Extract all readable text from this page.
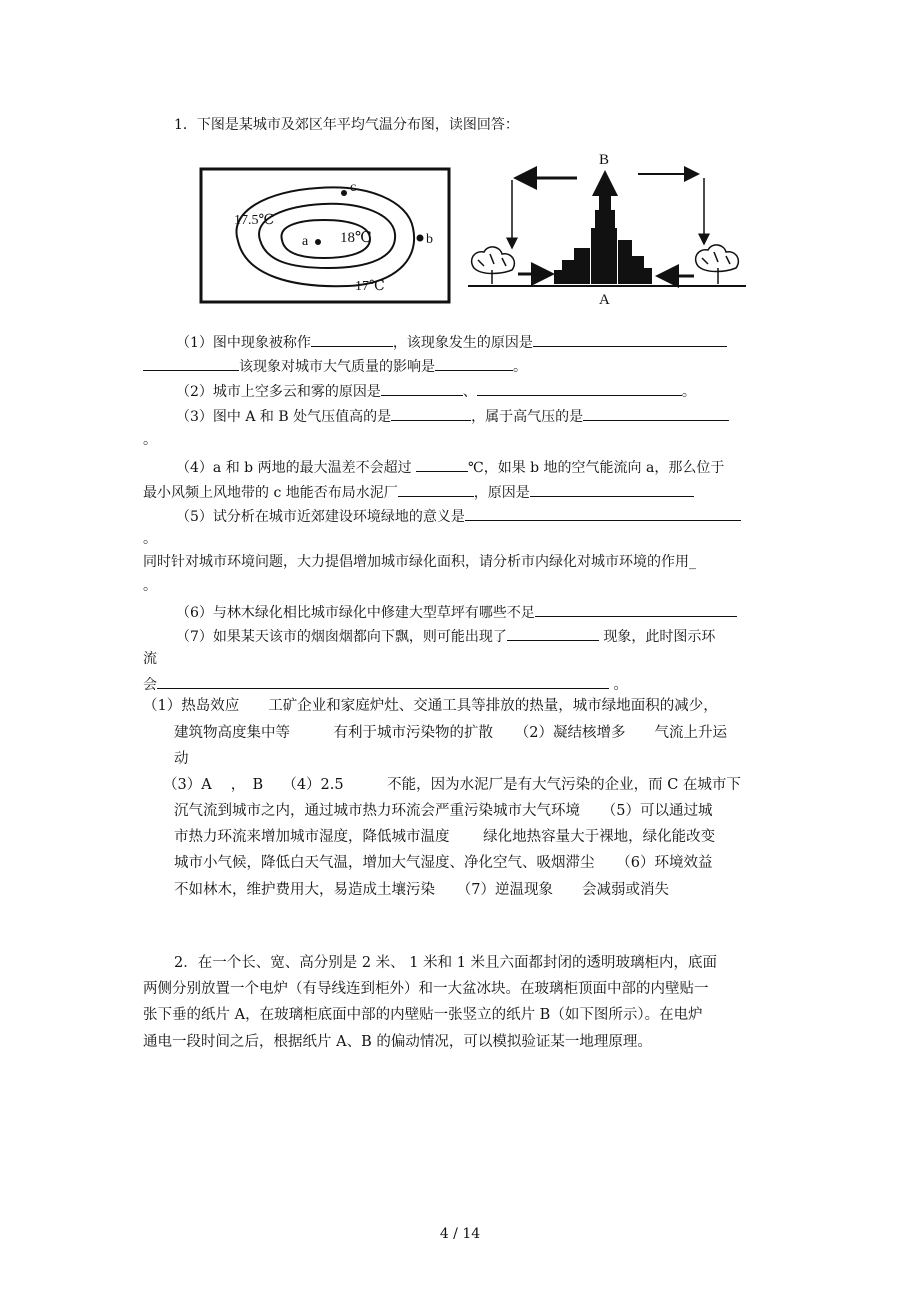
1．下图是某城市及郊区年平均气温分布图，读图回答：
17.5℃
18℃
17℃
a
c
b
B
A
（1）图中现象被称作	，该现象发生的原因是
该现象对城市大气质量的影响是	。
（2）城市上空多云和雾的原因是	、	。
（3）图中 A 和 B 处气压值高的是	，属于高气压的是
。
（4）a 和 b 两地的最大温差不会超过	℃，如果 b 地的空气能流向 a，那么位于
最小风频上风地带的 c 地能否布局水泥厂	，原因是
（5）试分析在城市近郊建设环境绿地的意义是
。
同时针对城市环境问题，大力提倡增加城市绿化面积，请分析市内绿化对城市环境的作用_
。
（6）与林木绿化相比城市绿化中修建大型草坪有哪些不足
（7）如果某天该市的烟囱烟都向下飘，则可能出现了	现象，此时图示环
流
会	。
（1）热岛效应　　工矿企业和家庭炉灶、交通工具等排放的热量，城市绿地面积的减少，
建筑物高度集中等　　　有利于城市污染物的扩散　　（2）凝结核增多　　气流上升运
动
（3）A　 ，　B　 （4）2.5　　　不能，因为水泥厂是有大气污染的企业，而 C 在城市下
沉气流到城市之内，通过城市热力环流会严重污染城市大气环境　　（5）可以通过城
市热力环流来增加城市湿度，降低城市温度　　 绿化地热容量大于裸地，绿化能改变
城市小气候，降低白天气温，增加大气湿度、净化空气、吸烟滞尘　　（6）环境效益
不如林木，维护费用大，易造成土壤污染　　（7）逆温现象　　会减弱或消失
2．在一个长、宽、高分别是 2 米、 1 米和 1 米且六面都封闭的透明玻璃柜内，底面
两侧分别放置一个电炉（有导线连到柜外）和一大盆冰块。在玻璃柜顶面中部的内壁贴一
张下垂的纸片 A，在玻璃柜底面中部的内壁贴一张竖立的纸片 B（如下图所示）。在电炉
通电一段时间之后，根据纸片 A、B 的偏动情况，可以模拟验证某一地理原理。
4 / 14
